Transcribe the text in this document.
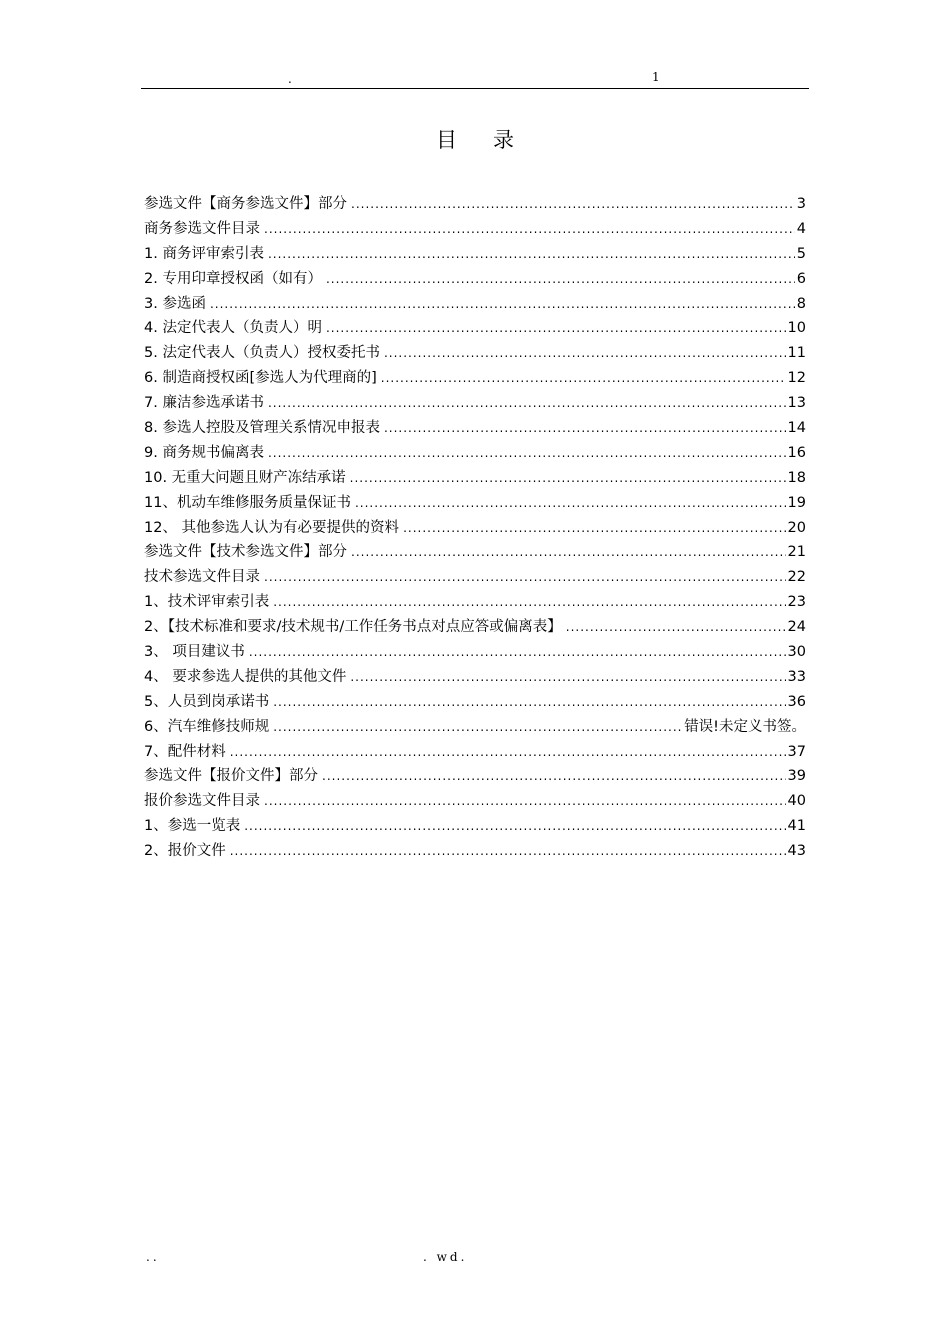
.	1
目 录
参选文件【商务参选文件】部分 .....	3
商务参选文件目录 .....	4
1. 商务评审索引表 .....	5
2. 专用印章授权函（如有） .....	6
3. 参选函 .....	8
4. 法定代表人（负责人）明 .....	10
5. 法定代表人（负责人）授权委托书 .....	11
6. 制造商授权函[参选人为代理商的] .....	12
7. 廉洁参选承诺书 .....	13
8. 参选人控股及管理关系情况申报表 .....	14
9. 商务规书偏离表 .....	16
10. 无重大问题且财产冻结承诺 .....	18
11、机动车维修服务质量保证书 .....	19
12、 其他参选人认为有必要提供的资料 .....	20
参选文件【技术参选文件】部分 .....	21
技术参选文件目录 .....	22
1、技术评审索引表 .....	23
2、【技术标准和要求/技术规书/工作任务书点对点应答或偏离表】 .....	24
3、 项目建议书 .....	30
4、 要求参选人提供的其他文件 .....	33
5、人员到岗承诺书 .....	36
6、汽车维修技师规 .....	错误!未定义书签。
7、配件材料 .....	37
参选文件【报价文件】部分 .....	39
报价参选文件目录 .....	40
1、参选一览表 .....	41
2、报价文件 .....	43
..	. wd.
